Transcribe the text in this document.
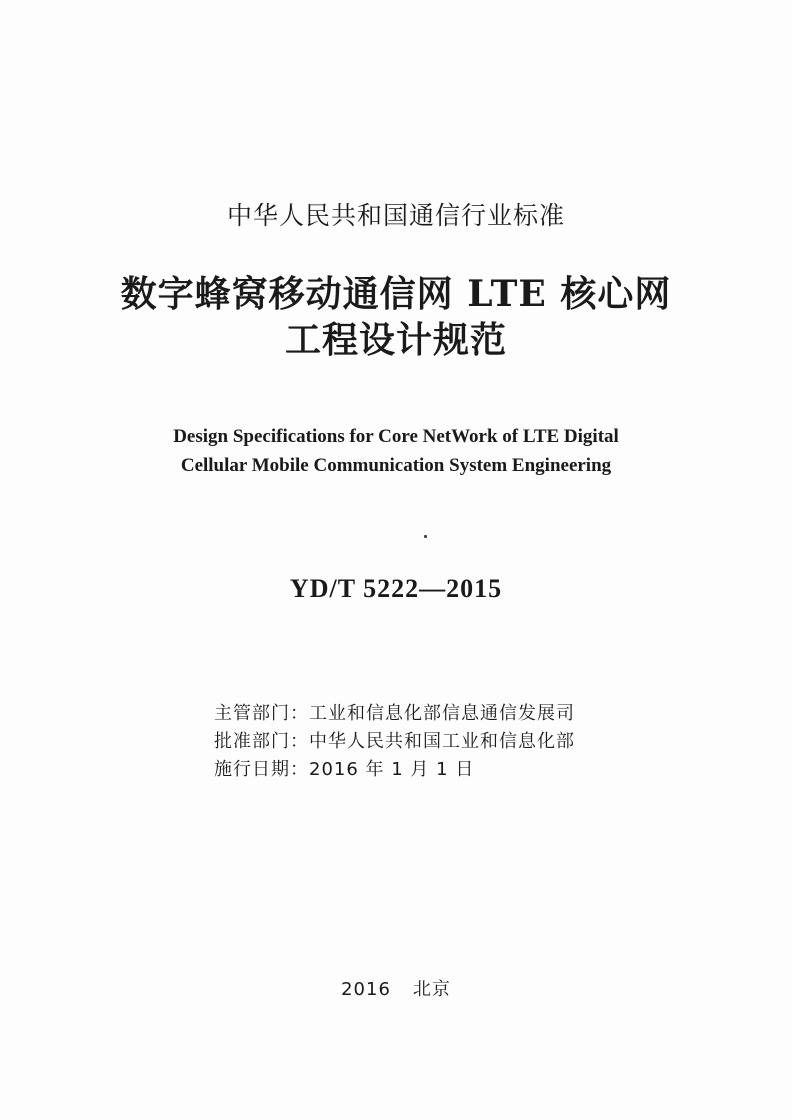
中华人民共和国通信行业标准
数字蜂窝移动通信网 LTE 核心网
工程设计规范
Design Specifications for Core NetWork of LTE Digital
Cellular Mobile Communication System Engineering
YD/T 5222—2015
主管部门：工业和信息化部信息通信发展司
批准部门：中华人民共和国工业和信息化部
施行日期：2016 年 1 月 1 日
2016 北京
